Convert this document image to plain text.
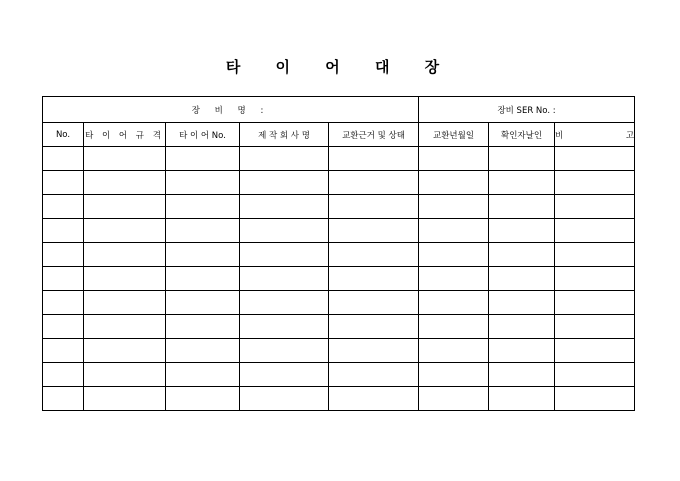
타 이 어 대 장
장 비 명 :					장비 SER No. :		
No.	타 이 어 규 격	타 이 어 No.	제 작 회 사 명	교환근거 및 상태	교환년월일	확인자날인	비 고
